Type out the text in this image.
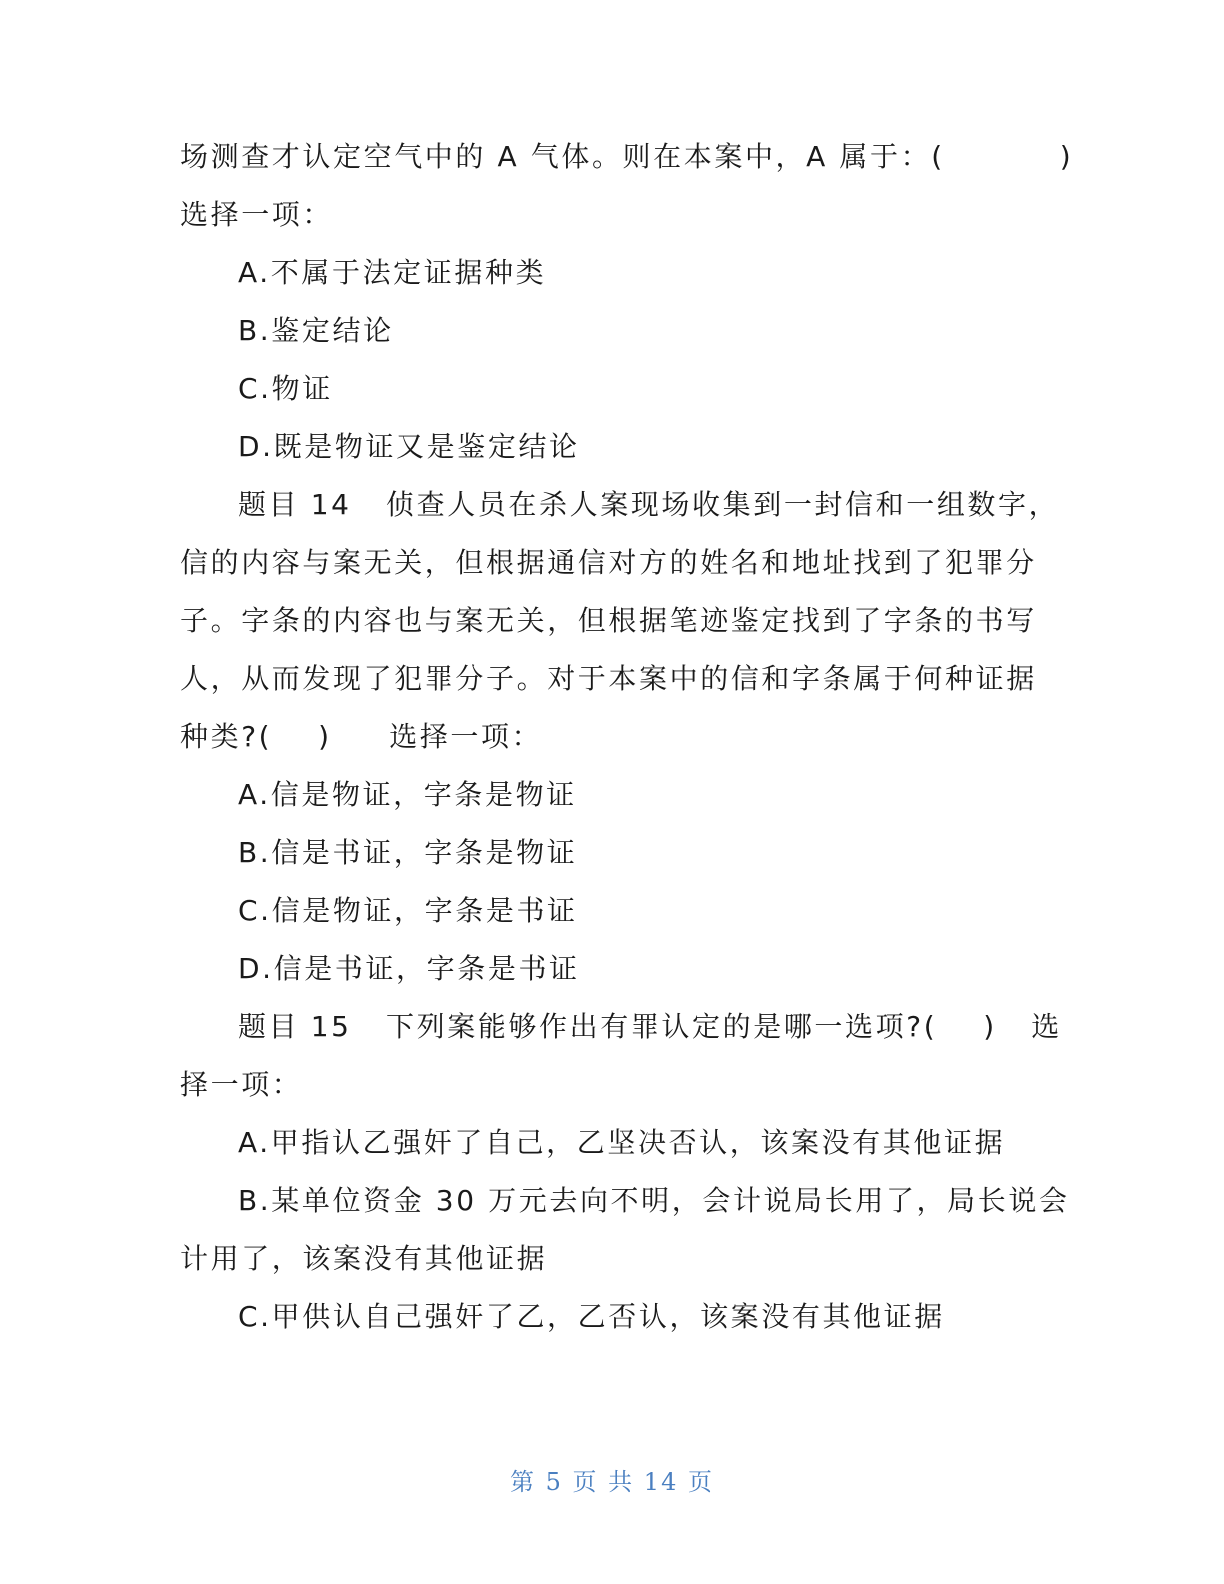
场测查才认定空气中的 A 气体。则在本案中，A 属于：(          )
选择一项：
A.不属于法定证据种类
B.鉴定结论
C.物证
D.既是物证又是鉴定结论
题目 14   侦查人员在杀人案现场收集到一封信和一组数字，
信的内容与案无关，但根据通信对方的姓名和地址找到了犯罪分
子。字条的内容也与案无关，但根据笔迹鉴定找到了字条的书写
人，从而发现了犯罪分子。对于本案中的信和字条属于何种证据
种类?(    )     选择一项：
A.信是物证，字条是物证
B.信是书证，字条是物证
C.信是物证，字条是书证
D.信是书证，字条是书证
题目 15   下列案能够作出有罪认定的是哪一选项?(    )   选
择一项：
A.甲指认乙强奸了自己，乙坚决否认，该案没有其他证据
B.某单位资金 30 万元去向不明，会计说局长用了，局长说会
计用了，该案没有其他证据
C.甲供认自己强奸了乙，乙否认，该案没有其他证据
第 5 页 共 14 页
